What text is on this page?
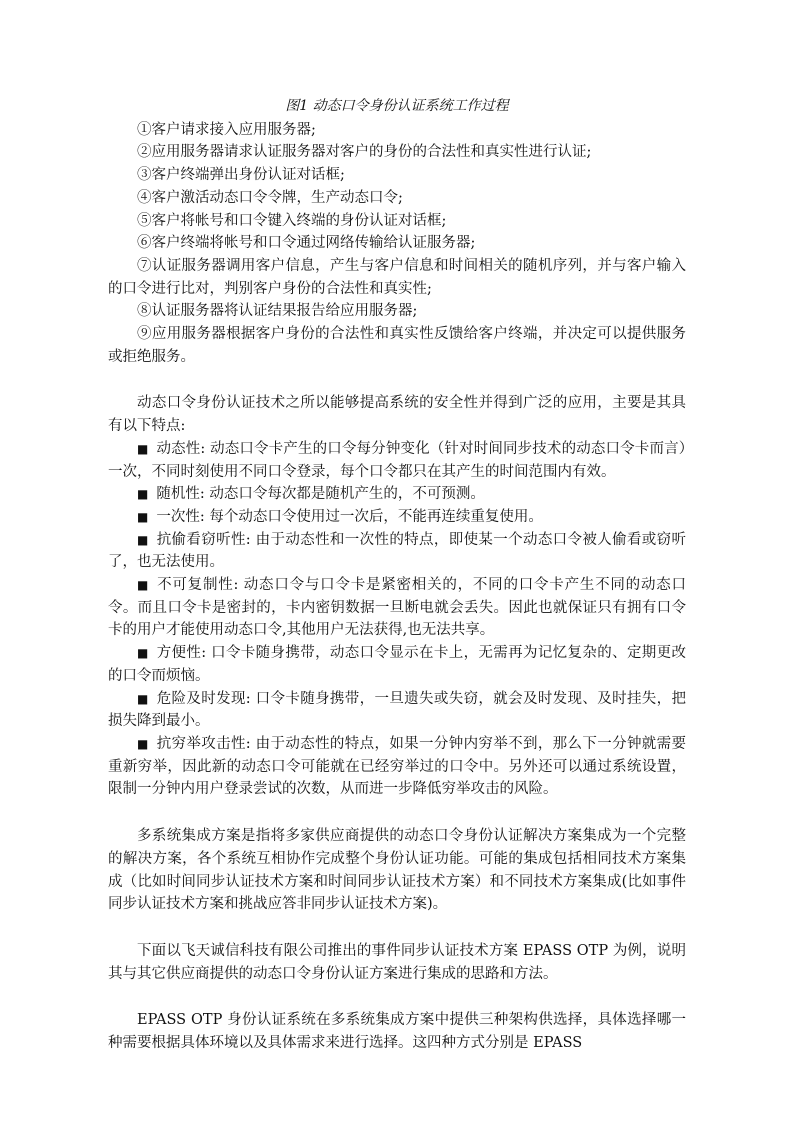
图1 动态口令身份认证系统工作过程

①客户请求接入应用服务器;

②应用服务器请求认证服务器对客户的身份的合法性和真实性进行认证;

③客户终端弹出身份认证对话框;

④客户激活动态口令令牌，生产动态口令;

⑤客户将帐号和口令键入终端的身份认证对话框;

⑥客户终端将帐号和口令通过网络传输给认证服务器;

⑦认证服务器调用客户信息，产生与客户信息和时间相关的随机序列，并与客户输入的口令进行比对，判别客户身份的合法性和真实性;

⑧认证服务器将认证结果报告给应用服务器;

⑨应用服务器根据客户身份的合法性和真实性反馈给客户终端，并决定可以提供服务或拒绝服务。

动态口令身份认证技术之所以能够提高系统的安全性并得到广泛的应用，主要是其具有以下特点:

■ 动态性: 动态口令卡产生的口令每分钟变化（针对时间同步技术的动态口令卡而言）一次，不同时刻使用不同口令登录，每个口令都只在其产生的时间范围内有效。

■ 随机性: 动态口令每次都是随机产生的，不可预测。

■ 一次性: 每个动态口令使用过一次后，不能再连续重复使用。

■ 抗偷看窃听性: 由于动态性和一次性的特点，即使某一个动态口令被人偷看或窃听了，也无法使用。

■ 不可复制性: 动态口令与口令卡是紧密相关的，不同的口令卡产生不同的动态口令。而且口令卡是密封的，卡内密钥数据一旦断电就会丢失。因此也就保证只有拥有口令卡的用户才能使用动态口令,其他用户无法获得,也无法共享。

■ 方便性: 口令卡随身携带，动态口令显示在卡上，无需再为记忆复杂的、定期更改的口令而烦恼。

■ 危险及时发现: 口令卡随身携带，一旦遗失或失窃，就会及时发现、及时挂失，把损失降到最小。

■ 抗穷举攻击性: 由于动态性的特点，如果一分钟内穷举不到，那么下一分钟就需要重新穷举，因此新的动态口令可能就在已经穷举过的口令中。另外还可以通过系统设置，限制一分钟内用户登录尝试的次数，从而进一步降低穷举攻击的风险。

多系统集成方案是指将多家供应商提供的动态口令身份认证解决方案集成为一个完整的解决方案，各个系统互相协作完成整个身份认证功能。可能的集成包括相同技术方案集成（比如时间同步认证技术方案和时间同步认证技术方案）和不同技术方案集成(比如事件同步认证技术方案和挑战应答非同步认证技术方案)。

下面以飞天诚信科技有限公司推出的事件同步认证技术方案 EPASS OTP 为例，说明其与其它供应商提供的动态口令身份认证方案进行集成的思路和方法。

EPASS OTP 身份认证系统在多系统集成方案中提供三种架构供选择，具体选择哪一种需要根据具体环境以及具体需求来进行选择。这四种方式分别是 EPASS
